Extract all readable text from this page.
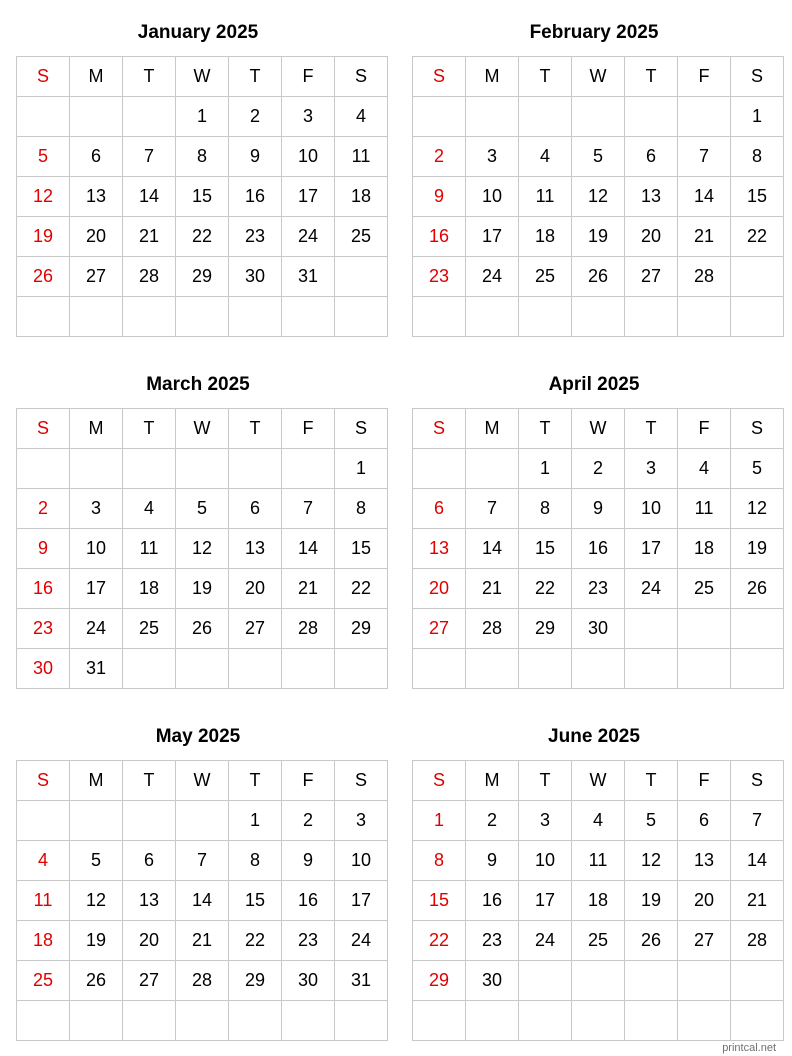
January 2025
S	M	T	W	T	F	S
			1	2	3	4
5	6	7	8	9	10	11
12	13	14	15	16	17	18
19	20	21	22	23	24	25
26	27	28	29	30	31	

February 2025
S	M	T	W	T	F	S
						1
2	3	4	5	6	7	8
9	10	11	12	13	14	15
16	17	18	19	20	21	22
23	24	25	26	27	28	

March 2025
S	M	T	W	T	F	S
						1
2	3	4	5	6	7	8
9	10	11	12	13	14	15
16	17	18	19	20	21	22
23	24	25	26	27	28	29
30	31					
April 2025
S	M	T	W	T	F	S
		1	2	3	4	5
6	7	8	9	10	11	12
13	14	15	16	17	18	19
20	21	22	23	24	25	26
27	28	29	30			

May 2025
S	M	T	W	T	F	S
				1	2	3
4	5	6	7	8	9	10
11	12	13	14	15	16	17
18	19	20	21	22	23	24
25	26	27	28	29	30	31

June 2025
S	M	T	W	T	F	S
1	2	3	4	5	6	7
8	9	10	11	12	13	14
15	16	17	18	19	20	21
22	23	24	25	26	27	28
29	30					

printcal.net
